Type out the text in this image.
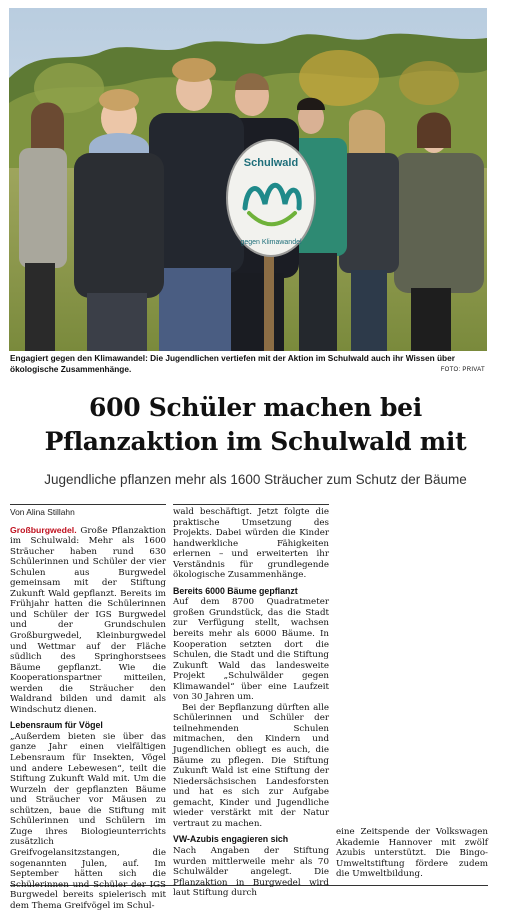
Schulwald
gegen Klimawandel
Engagiert gegen den Klimawandel: Die Jugendlichen vertiefen mit der Aktion im Schulwald auch ihr Wissen über ökologische Zusammenhänge.	FOTO: PRIVAT
600 Schüler machen bei
Pflanzaktion im Schulwald mit
Jugendliche pflanzen mehr als 1600 Sträucher zum Schutz der Bäume

Von Alina Stillahn

Großburgwedel. Große Pflanzaktion im Schulwald: Mehr als 1600 Sträucher haben rund 630 Schülerinnen und Schüler der vier Schulen aus Burgwedel gemeinsam mit der Stiftung Zukunft Wald gepflanzt. Bereits im Frühjahr hatten die Schülerinnen und Schüler der IGS Burgwedel und der Grundschulen Großburgwedel, Kleinburgwedel und Wettmar auf der Fläche südlich des Springhorstsees Bäume gepflanzt. Wie die Kooperationspartner mitteilen, werden die Sträucher den Waldrand bilden und damit als Windschutz dienen.

Lebensraum für Vögel

„Außerdem bieten sie über das ganze Jahr einen vielfältigen Lebensraum für Insekten, Vögel und andere Lebewesen“, teilt die Stiftung Zukunft Wald mit. Um die Wurzeln der gepflanzten Bäume und Sträucher vor Mäusen zu schützen, baue die Stiftung mit Schülerinnen und Schülern im Zuge ihres Biologieunterrichts zusätzlich Greifvogelansitzstangen, die sogenannten Julen, auf. Im September hätten sich die Schülerinnen und Schüler der IGS Burgwedel bereits spielerisch mit dem Thema Greifvögel im Schul-

wald beschäftigt. Jetzt folgte die praktische Umsetzung des Projekts. Dabei würden die Kinder handwerkliche Fähigkeiten erlernen – und erweiterten ihr Verständnis für grundlegende ökologische Zusammenhänge.

Bereits 6000 Bäume gepflanzt

Auf dem 8700 Quadratmeter großen Grundstück, das die Stadt zur Verfügung stellt, wachsen bereits mehr als 6000 Bäume. In Kooperation setzten dort die Schulen, die Stadt und die Stiftung Zukunft Wald das landesweite Projekt „Schulwälder gegen Klimawandel“ über eine Laufzeit von 30 Jahren um.

Bei der Bepflanzung dürften alle Schülerinnen und Schüler der teilnehmenden Schulen mitmachen, den Kindern und Jugendlichen obliegt es auch, die Bäume zu pflegen. Die Stiftung Zukunft Wald ist eine Stiftung der Niedersächsischen Landesforsten und hat es sich zur Aufgabe gemacht, Kinder und Jugendliche wieder verstärkt mit der Natur vertraut zu machen.

VW-Azubis engagieren sich

Nach Angaben der Stiftung wurden mittlerweile mehr als 70 Schulwälder angelegt. Die Pflanzaktion in Burgwedel wird laut Stiftung durch

eine Zeitspende der Volkswagen Akademie Hannover mit zwölf Azubis unterstützt. Die Bingo-Umweltstiftung fördere zudem die Umweltbildung.
